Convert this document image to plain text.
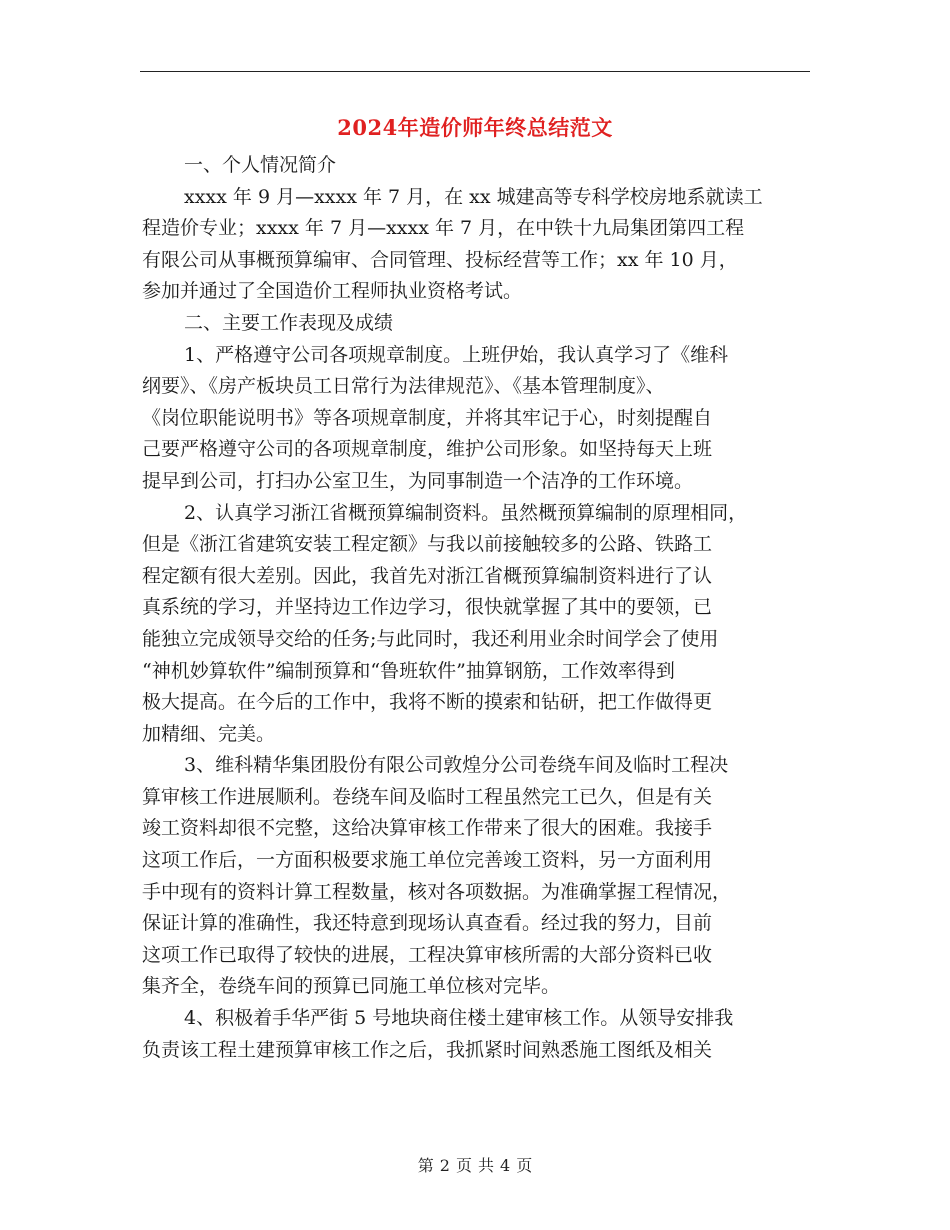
2024年造价师年终总结范文
一、个人情况简介
xxxx 年 9 月—xxxx 年 7 月，在 xx 城建高等专科学校房地系就读工
程造价专业；xxxx 年 7 月—xxxx 年 7 月，在中铁十九局集团第四工程
有限公司从事概预算编审、合同管理、投标经营等工作；xx 年 10 月，
参加并通过了全国造价工程师执业资格考试。
二、主要工作表现及成绩
1、严格遵守公司各项规章制度。上班伊始，我认真学习了《维科
纲要》、《房产板块员工日常行为法律规范》、《基本管理制度》、
《岗位职能说明书》等各项规章制度，并将其牢记于心，时刻提醒自
己要严格遵守公司的各项规章制度，维护公司形象。如坚持每天上班
提早到公司，打扫办公室卫生，为同事制造一个洁净的工作环境。
2、认真学习浙江省概预算编制资料。虽然概预算编制的原理相同，
但是《浙江省建筑安装工程定额》与我以前接触较多的公路、铁路工
程定额有很大差别。因此，我首先对浙江省概预算编制资料进行了认
真系统的学习，并坚持边工作边学习，很快就掌握了其中的要领，已
能独立完成领导交给的任务;与此同时，我还利用业余时间学会了使用
“神机妙算软件”编制预算和“鲁班软件”抽算钢筋，工作效率得到
极大提高。在今后的工作中，我将不断的摸索和钻研，把工作做得更
加精细、完美。
3、维科精华集团股份有限公司敦煌分公司卷绕车间及临时工程决
算审核工作进展顺利。卷绕车间及临时工程虽然完工已久，但是有关
竣工资料却很不完整，这给决算审核工作带来了很大的困难。我接手
这项工作后，一方面积极要求施工单位完善竣工资料，另一方面利用
手中现有的资料计算工程数量，核对各项数据。为准确掌握工程情况，
保证计算的准确性，我还特意到现场认真查看。经过我的努力，目前
这项工作已取得了较快的进展，工程决算审核所需的大部分资料已收
集齐全，卷绕车间的预算已同施工单位核对完毕。
4、积极着手华严街 5 号地块商住楼土建审核工作。从领导安排我
负责该工程土建预算审核工作之后，我抓紧时间熟悉施工图纸及相关
第 2 页 共 4 页
